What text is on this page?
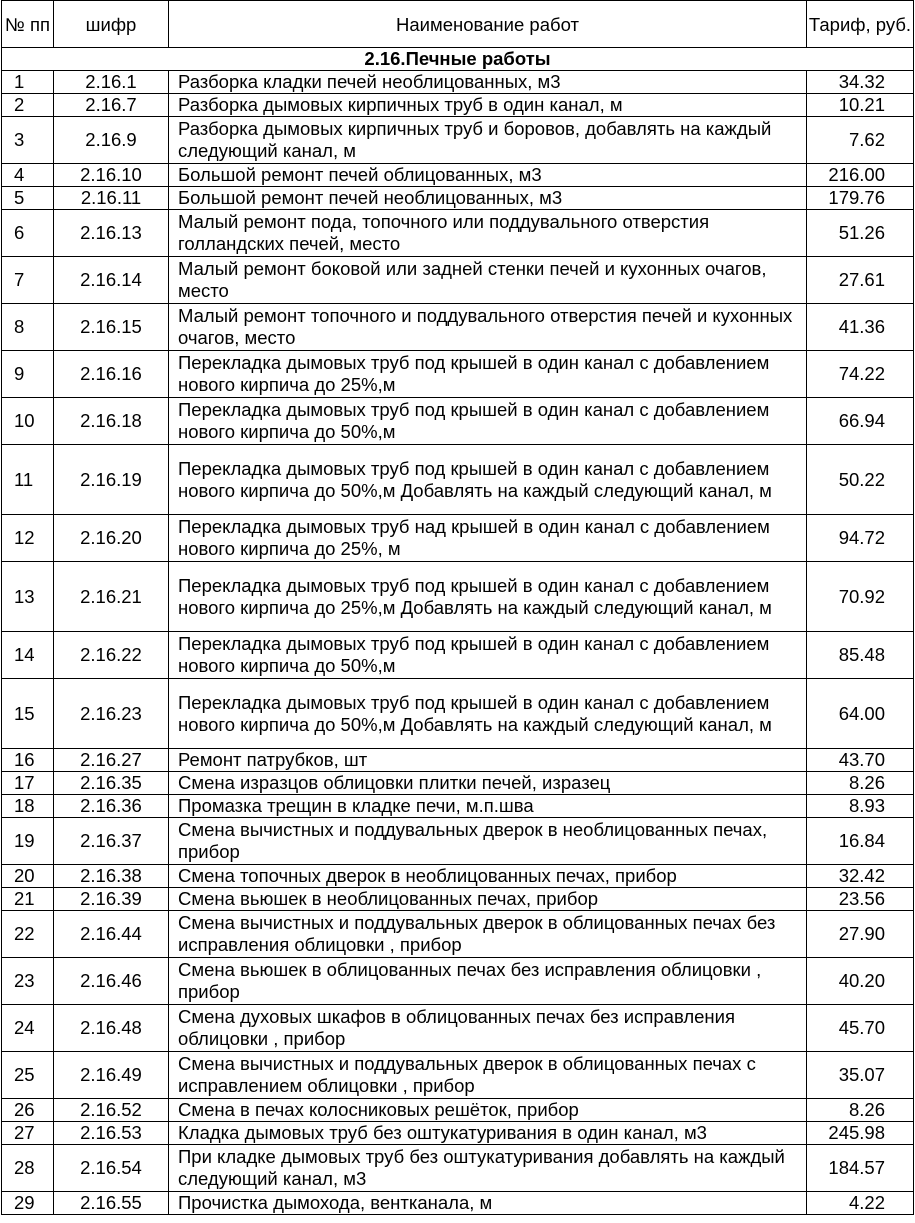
№ пп	шифр	Наименование работ	Тариф, руб.
2.16.Печные работы			
1	2.16.1	Разборка кладки печей необлицованных, м3	34.32
2	2.16.7	Разборка дымовых кирпичных труб в один канал, м	10.21
3	2.16.9	Разборка дымовых кирпичных труб и боровов, добавлять на каждый следующий канал, м	7.62
4	2.16.10	Большой ремонт печей облицованных, м3	216.00
5	2.16.11	Большой ремонт печей необлицованных, м3	179.76
6	2.16.13	Малый ремонт пода, топочного или поддувального отверстия голландских печей, место	51.26
7	2.16.14	Малый ремонт боковой или задней стенки печей и кухонных очагов, место	27.61
8	2.16.15	Малый ремонт топочного и поддувального отверстия печей и кухонных очагов, место	41.36
9	2.16.16	Перекладка дымовых труб под крышей в один канал с добавлением нового кирпича до 25%,м	74.22
10	2.16.18	Перекладка дымовых труб под крышей в один канал с добавлением нового кирпича до 50%,м	66.94
11	2.16.19	Перекладка дымовых труб под крышей в один канал с добавлением нового кирпича до 50%,м Добавлять на каждый следующий канал, м	50.22
12	2.16.20	Перекладка дымовых труб над крышей в один канал с добавлением нового кирпича до 25%, м	94.72
13	2.16.21	Перекладка дымовых труб под крышей в один канал с добавлением нового кирпича до 25%,м Добавлять на каждый следующий канал, м	70.92
14	2.16.22	Перекладка дымовых труб под крышей в один канал с добавлением нового кирпича до 50%,м	85.48
15	2.16.23	Перекладка дымовых труб под крышей в один канал с добавлением нового кирпича до 50%,м Добавлять на каждый следующий канал, м	64.00
16	2.16.27	Ремонт патрубков, шт	43.70
17	2.16.35	Смена изразцов облицовки плитки печей, изразец	8.26
18	2.16.36	Промазка трещин в кладке печи, м.п.шва	8.93
19	2.16.37	Смена вычистных и поддувальных дверок в необлицованных печах, прибор	16.84
20	2.16.38	Смена топочных дверок в необлицованных печах, прибор	32.42
21	2.16.39	Смена вьюшек в необлицованных печах, прибор	23.56
22	2.16.44	Смена вычистных и поддувальных дверок в облицованных печах без исправления облицовки , прибор	27.90
23	2.16.46	Смена вьюшек в облицованных печах без исправления облицовки , прибор	40.20
24	2.16.48	Смена духовых шкафов в облицованных печах без исправления облицовки , прибор	45.70
25	2.16.49	Смена вычистных и поддувальных дверок в облицованных печах с исправлением облицовки , прибор	35.07
26	2.16.52	Смена в печах колосниковых решёток, прибор	8.26
27	2.16.53	Кладка дымовых труб без оштукатуривания в один канал, м3	245.98
28	2.16.54	При кладке дымовых труб без оштукатуривания добавлять на каждый следующий канал, м3	184.57
29	2.16.55	Прочистка дымохода, вентканала, м	4.22
